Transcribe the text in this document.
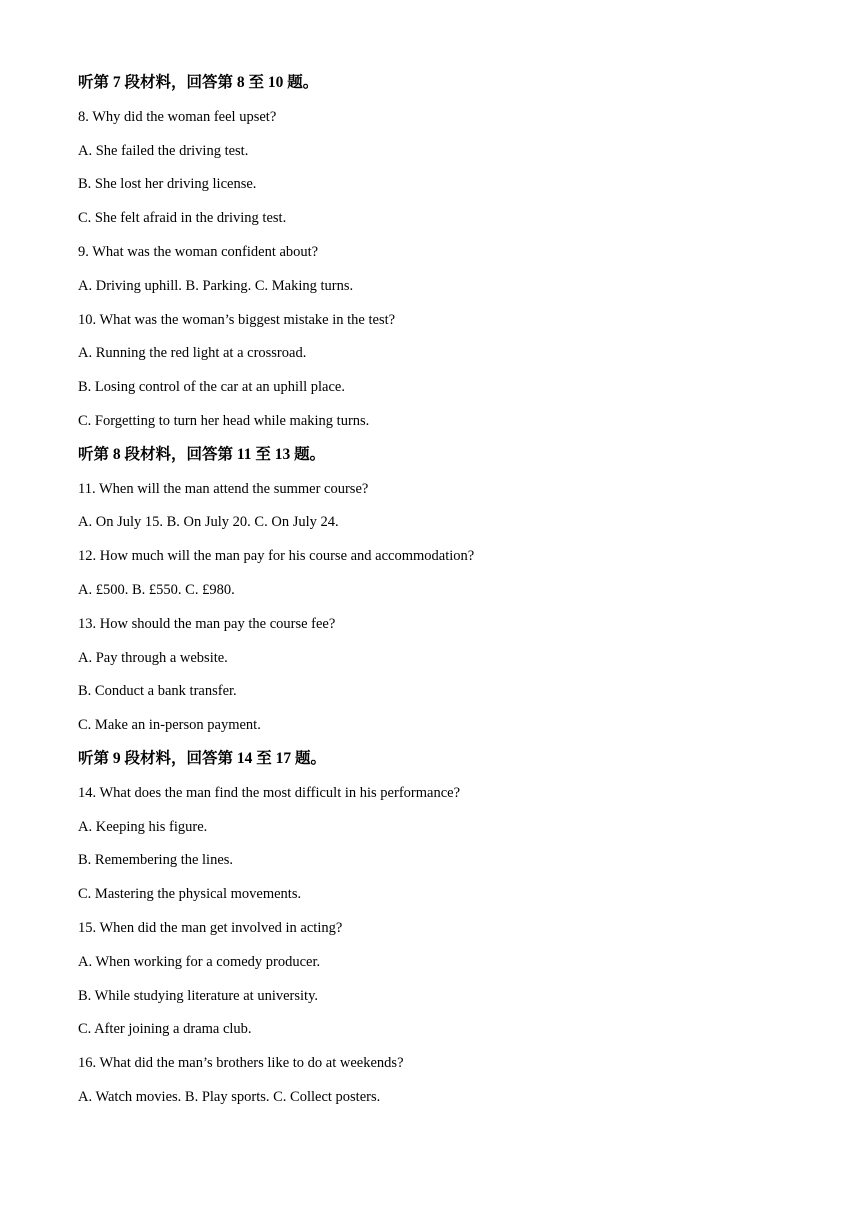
听第 7 段材料，回答第 8 至 10 题。
8. Why did the woman feel upset?
A. She failed the driving test.
B. She lost her driving license.
C. She felt afraid in the driving test.
9. What was the woman confident about?
A. Driving uphill. B. Parking. C. Making turns.
10. What was the woman’s biggest mistake in the test?
A. Running the red light at a crossroad.
B. Losing control of the car at an uphill place.
C. Forgetting to turn her head while making turns.
听第 8 段材料，回答第 11 至 13 题。
11. When will the man attend the summer course?
A. On July 15. B. On July 20. C. On July 24.
12. How much will the man pay for his course and accommodation?
A. £500. B. £550. C. £980.
13. How should the man pay the course fee?
A. Pay through a website.
B. Conduct a bank transfer.
C. Make an in-person payment.
听第 9 段材料，回答第 14 至 17 题。
14. What does the man find the most difficult in his performance?
A. Keeping his figure.
B. Remembering the lines.
C. Mastering the physical movements.
15. When did the man get involved in acting?
A. When working for a comedy producer.
B. While studying literature at university.
C. After joining a drama club.
16. What did the man’s brothers like to do at weekends?
A. Watch movies. B. Play sports. C. Collect posters.
